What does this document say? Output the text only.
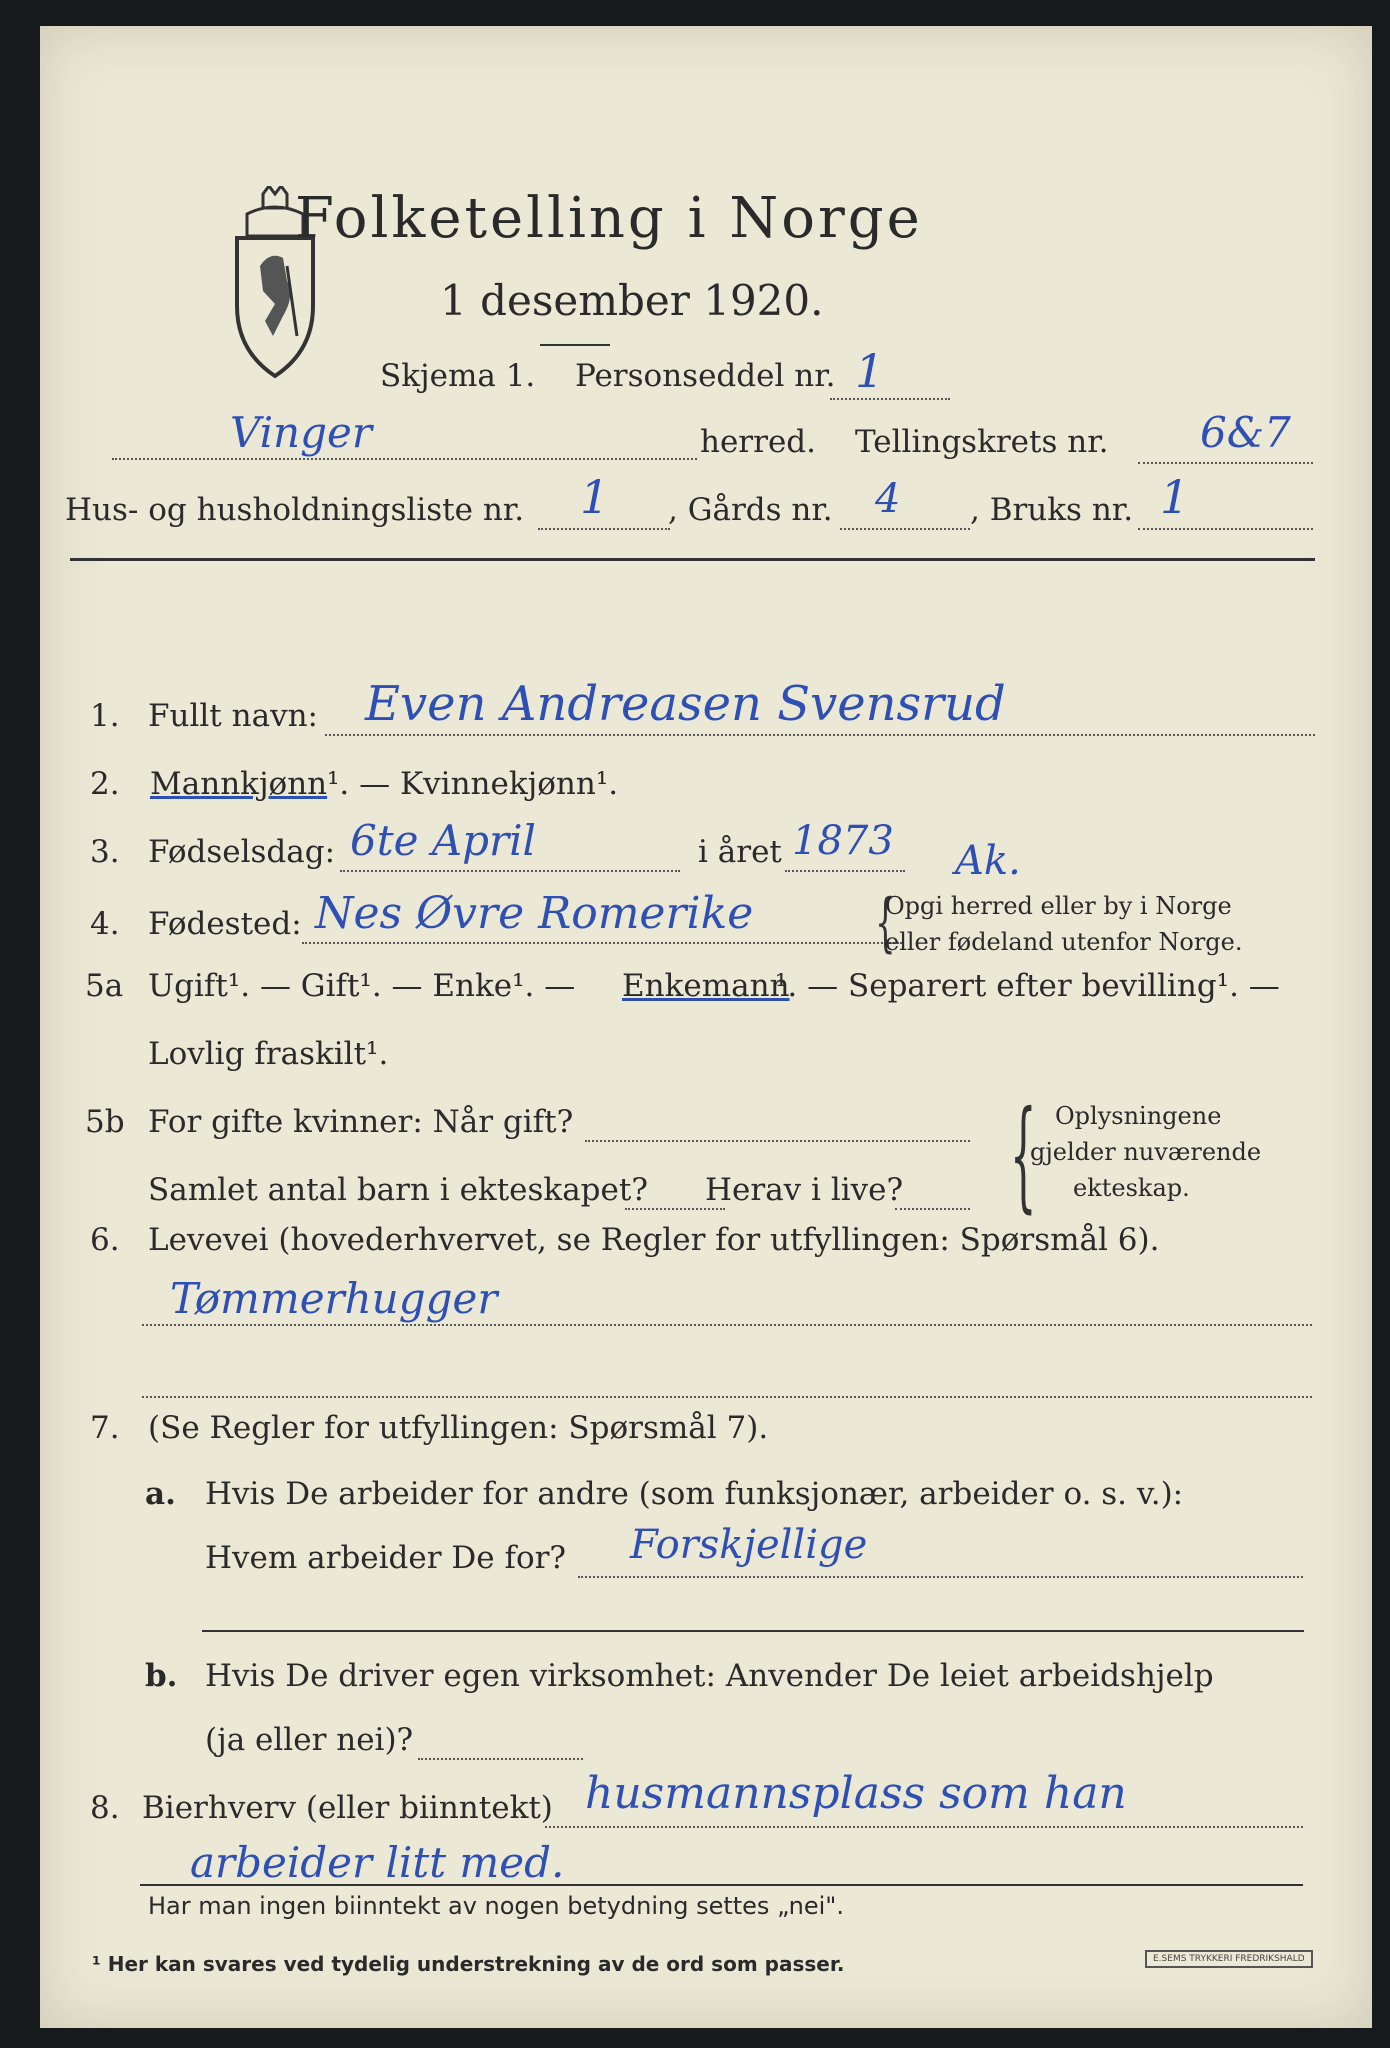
Folketelling i Norge
1 desember 1920.
Skjema 1. Personseddel nr. 1
Vinger	herred. Tellingskrets nr. 6&7
Hus- og husholdningsliste nr. 1 , Gårds nr. 4 , Bruks nr. 1
1. Fullt navn: Even Andreasen Svensrud
2. Mannkjønn ¹. — Kvinnekjønn¹.
3. Fødselsdag: 6te April	i året 1873 Ak.
4. Fødested: Nes Øvre Romerike {
Opgi herred eller by i Norge
eller fødeland utenfor Norge.
5a Ugift¹. — Gift¹. — Enke¹. — Enkemann
¹. — Separert efter bevilling¹. —
Lovlig fraskilt¹.
5b For gifte kvinner: Når gift?
Samlet antal barn i ekteskapet? Herav i live? { Oplysningene
gjelder nuværende
ekteskap.
6. Levevei (hovederhvervet, se Regler for utfyllingen: Spørsmål 6).
Tømmerhugger
7. (Se Regler for utfyllingen: Spørsmål 7).
a. Hvis De arbeider for andre (som funksjonær, arbeider o. s. v.):
Hvem arbeider De for? Forskjellige
b. Hvis De driver egen virksomhet: Anvender De leiet arbeidshjelp
(ja eller nei)?
8. Bierhverv (eller biinntekt) husmannsplass som han
arbeider litt med.
Har man ingen biinntekt av nogen betydning settes „nei".
¹ Her kan svares ved tydelig understrekning av de ord som passer.	E.SEMS TRYKKERI FREDRIKSHALD
